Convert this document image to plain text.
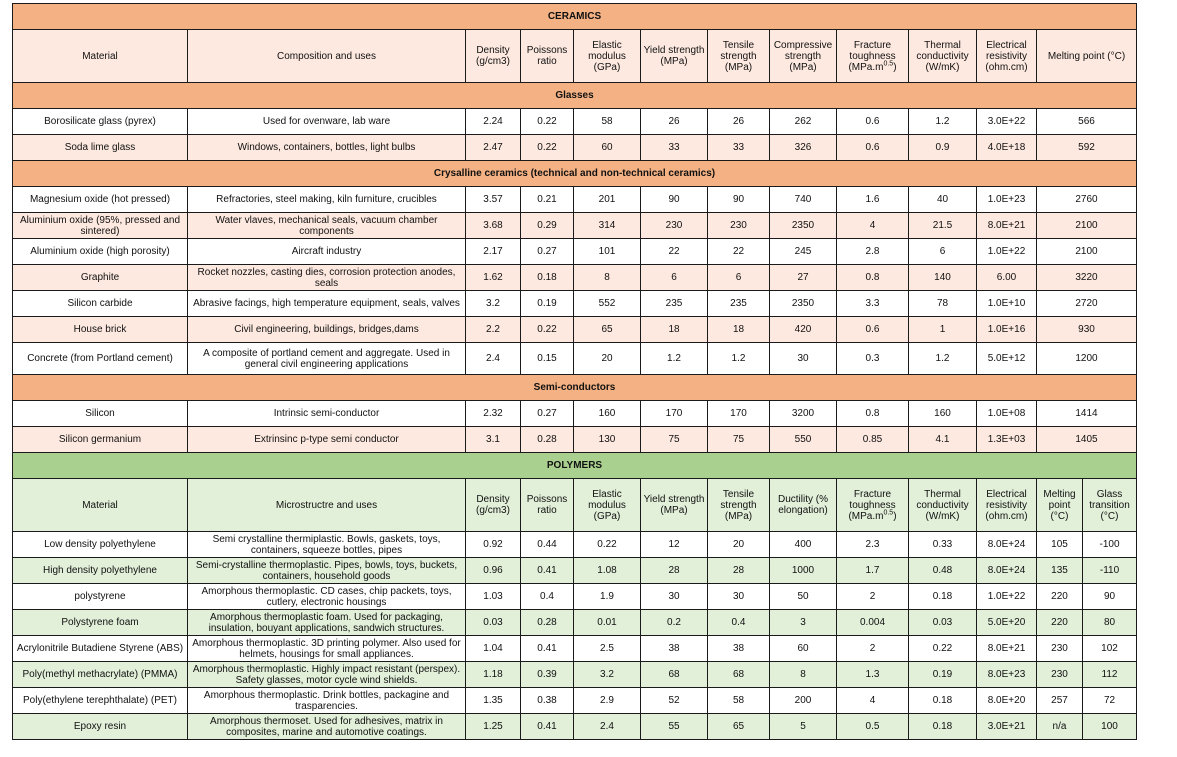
CERAMICS												
Material	Composition and uses	Density (g/cm3)	Poissons ratio	Elastic modulus (GPa)	Yield strength (MPa)	Tensile strength (MPa)	Compressive strength (MPa)	Fracture toughness $(MPa.m^{0.5})$	Thermal conductivity (W/mK)	Electrical resistivity (ohm.cm)	Melting point (°C)	
Glasses												
Borosilicate glass (pyrex)	Used for ovenware, lab ware	2.24	0.22	58	26	26	262	0.6	1.2	3.0E+22	566	
Soda lime glass	Windows, containers, bottles, light bulbs	2.47	0.22	60	33	33	326	0.6	0.9	4.0E+18	592	
Crysalline ceramics (technical and non-technical ceramics)												
Magnesium oxide (hot pressed)	Refractories, steel making, kiln furniture, crucibles	3.57	0.21	201	90	90	740	1.6	40	1.0E+23	2760	
Aluminium oxide (95%, pressed and sintered)	Water vlaves, mechanical seals, vacuum chamber components	3.68	0.29	314	230	230	2350	4	21.5	8.0E+21	2100	
Aluminium oxide (high porosity)	Aircraft industry	2.17	0.27	101	22	22	245	2.8	6	1.0E+22	2100	
Graphite	Rocket nozzles, casting dies, corrosion protection anodes, seals	1.62	0.18	8	6	6	27	0.8	140	6.00	3220	
Silicon carbide	Abrasive facings, high temperature equipment, seals, valves	3.2	0.19	552	235	235	2350	3.3	78	1.0E+10	2720	
House brick	Civil engineering, buildings, bridges,dams	2.2	0.22	65	18	18	420	0.6	1	1.0E+16	930	
Concrete (from Portland cement)	A composite of portland cement and aggregate. Used in general civil engineering applications	2.4	0.15	20	1.2	1.2	30	0.3	1.2	5.0E+12	1200	
Semi-conductors												
Silicon	Intrinsic semi-conductor	2.32	0.27	160	170	170	3200	0.8	160	1.0E+08	1414	
Silicon germanium	Extrinsinc p-type semi conductor	3.1	0.28	130	75	75	550	0.85	4.1	1.3E+03	1405	
POLYMERS												
Material	Microstructre and uses	Density (g/cm3)	Poissons ratio	Elastic modulus (GPa)	Yield strength (MPa)	Tensile strength (MPa)	Ductility (% elongation)	Fracture toughness $(MPa.m^{0.5})$	Thermal conductivity (W/mK)	Electrical resistivity (ohm.cm)	Melting point (°C)	Glass transition (°C)
Low density polyethylene	Semi crystalline thermiplastic. Bowls, gaskets, toys, containers, squeeze bottles, pipes	0.92	0.44	0.22	12	20	400	2.3	0.33	8.0E+24	105	-100
High density polyethylene	Semi-crystalline thermoplastic. Pipes, bowls, toys, buckets, containers, household goods	0.96	0.41	1.08	28	28	1000	1.7	0.48	8.0E+24	135	-110
polystyrene	Amorphous thermoplastic. CD cases, chip packets, toys, cutlery, electronic housings	1.03	0.4	1.9	30	30	50	2	0.18	1.0E+22	220	90
Polystyrene foam	Amorphous thermoplastic foam. Used for packaging, insulation, bouyant applications, sandwich structures.	0.03	0.28	0.01	0.2	0.4	3	0.004	0.03	5.0E+20	220	80
Acrylonitrile Butadiene Styrene (ABS)	Amorphous thermoplastic. 3D printing polymer. Also used for helmets, housings for small appliances.	1.04	0.41	2.5	38	38	60	2	0.22	8.0E+21	230	102
Poly(methyl methacrylate) (PMMA)	Amorphous thermoplastic. Highly impact resistant (perspex). Safety glasses, motor cycle wind shields.	1.18	0.39	3.2	68	68	8	1.3	0.19	8.0E+23	230	112
Poly(ethylene terephthalate) (PET)	Amorphous thermoplastic. Drink bottles, packagine and trasparencies.	1.35	0.38	2.9	52	58	200	4	0.18	8.0E+20	257	72
Epoxy resin	Amorphous thermoset. Used for adhesives, matrix in composites, marine and automotive coatings.	1.25	0.41	2.4	55	65	5	0.5	0.18	3.0E+21	n/a	100
